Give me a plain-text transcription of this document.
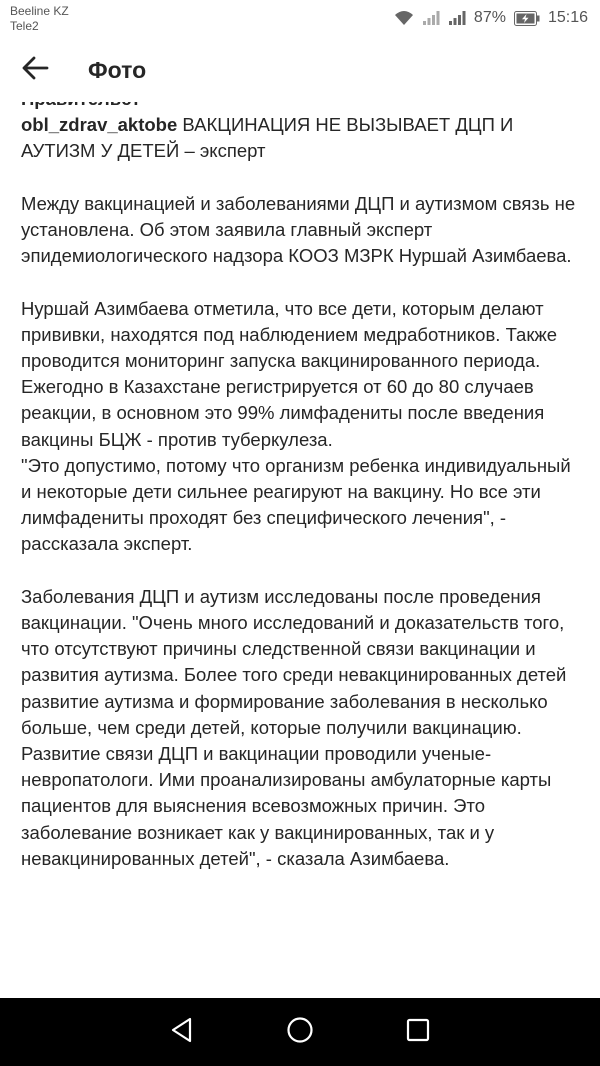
Beeline KZ
Tele2	87%	15:16
Фото
obl_zdrav_aktobe ВАКЦИНАЦИЯ НЕ ВЫЗЫВАЕТ ДЦП И АУТИЗМ У ДЕТЕЙ – эксперт

Между вакцинацией и заболеваниями ДЦП и аутизмом связь не установлена. Об этом заявила главный эксперт эпидемиологического надзора КООЗ МЗРК Нуршай Азимбаева.

Нуршай Азимбаева отметила, что все дети, которым делают прививки, находятся под наблюдением медработников. Также проводится мониторинг запуска вакцинированного периода. Ежегодно в Казахстане регистрируется от 60 до 80 случаев реакции, в основном это 99% лимфадениты после введения вакцины БЦЖ - против туберкулеза.
"Это допустимо, потому что организм ребенка индивидуальный и некоторые дети сильнее реагируют на вакцину. Но все эти лимфадениты проходят без специфического лечения", - рассказала эксперт.

Заболевания ДЦП и аутизм исследованы после проведения вакцинации. "Очень много исследований и доказательств того, что отсутствуют причины следственной связи вакцинации и развития аутизма. Более того среди невакцинированных детей развитие аутизма и формирование заболевания в несколько больше, чем среди детей, которые получили вакцинацию. Развитие связи ДЦП и вакцинации проводили ученые-невропатологи. Ими проанализированы амбулаторные карты пациентов для выяснения всевозможных причин. Это заболевание возникает как у вакцинированных, так и у невакцинированных детей", - сказала Азимбаева.
